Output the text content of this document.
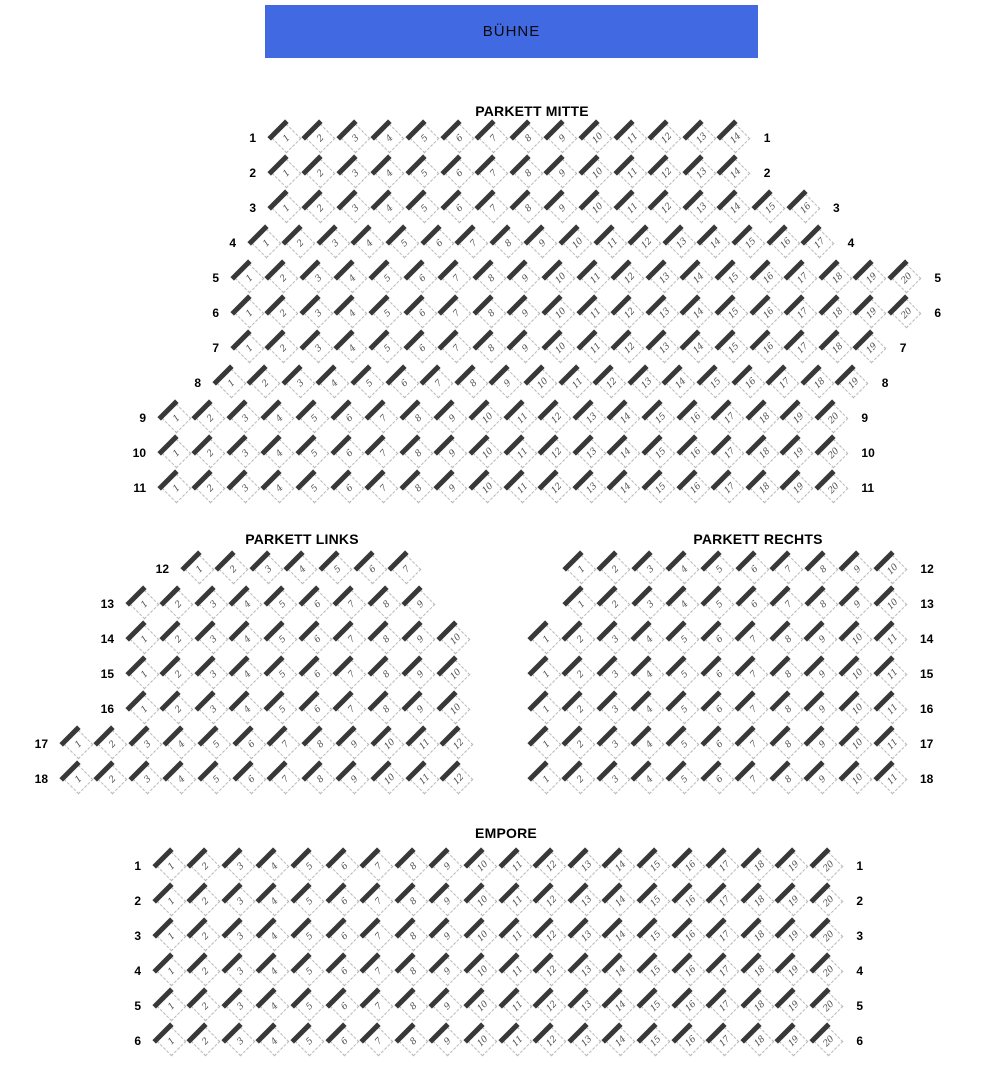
BÜHNE
PARKETT MITTE
1	1
1	2	3	4	5	6	7	8	9 10 11 12 13 14
2	2
1	2	3	4	5	6	7	8	9 10 11 12 13 14
3	3
1	2	3	4	5	6	7	8	9 10 11 12 13 14 15 16
4	4
1	2	3	4	5	6	7	8	9 10 11 12 13 14 15 16 17
5	5
1	2	3	4	5	6	7	8	9 10 11 12 13 14 15 16 17 18 19 20
6	6
1	2	3	4	5	6	7	8	9 10 11 12 13 14 15 16 17 18 19 20
7	7
1	2	3	4	5	6	7	8	9 10 11 12 13 14 15 16 17 18 19
8	8
1	2	3	4	5	6	7	8	9 10 11 12 13 14 15 16 17 18 19
9	9
1	2	3	4	5	6	7	8	9 10 11 12 13 14 15 16 17 18 19 20
10	10
1	2	3	4	5	6	7	8	9 10 11 12 13 14 15 16 17 18 19 20
11	11
1	2	3	4	5	6	7	8	9 10 11 12 13 14 15 16 17 18 19 20
PARKETT LINKS
12	1	2	3	4	5	6	7
13	1	2	3	4	5	6	7	8	9
14	1	2	3	4	5	6	7	8	9 10
15	1	2	3	4	5	6	7	8	9 10
16	1	2	3	4	5	6	7	8	9 10
17	1	2	3	4	5	6	7	8	9 10 11 12
18	1	2	3	4	5	6	7	8	9 10 11 12
PARKETT RECHTS
12
1	2	3	4	5	6	7	8	9 10
13
1	2	3	4	5	6	7	8	9 10
14
1	2	3	4	5	6	7	8	9 10 11
15
1	2	3	4	5	6	7	8	9 10 11
16
1	2	3	4	5	6	7	8	9 10 11
17
1	2	3	4	5	6	7	8	9 10 11
18
1	2	3	4	5	6	7	8	9 10 11
EMPORE
1	1
1	2	3	4	5	6	7	8	9 10 11 12 13 14 15 16 17 18 19 20
2	2
1	2	3	4	5	6	7	8	9 10 11 12 13 14 15 16 17 18 19 20
3	3
1	2	3	4	5	6	7	8	9 10 11 12 13 14 15 16 17 18 19 20
4	4
1	2	3	4	5	6	7	8	9 10 11 12 13 14 15 16 17 18 19 20
5	5
1	2	3	4	5	6	7	8	9 10 11 12 13 14 15 16 17 18 19 20
6	6
1	2	3	4	5	6	7	8	9 10 11 12 13 14 15 16 17 18 19 20
